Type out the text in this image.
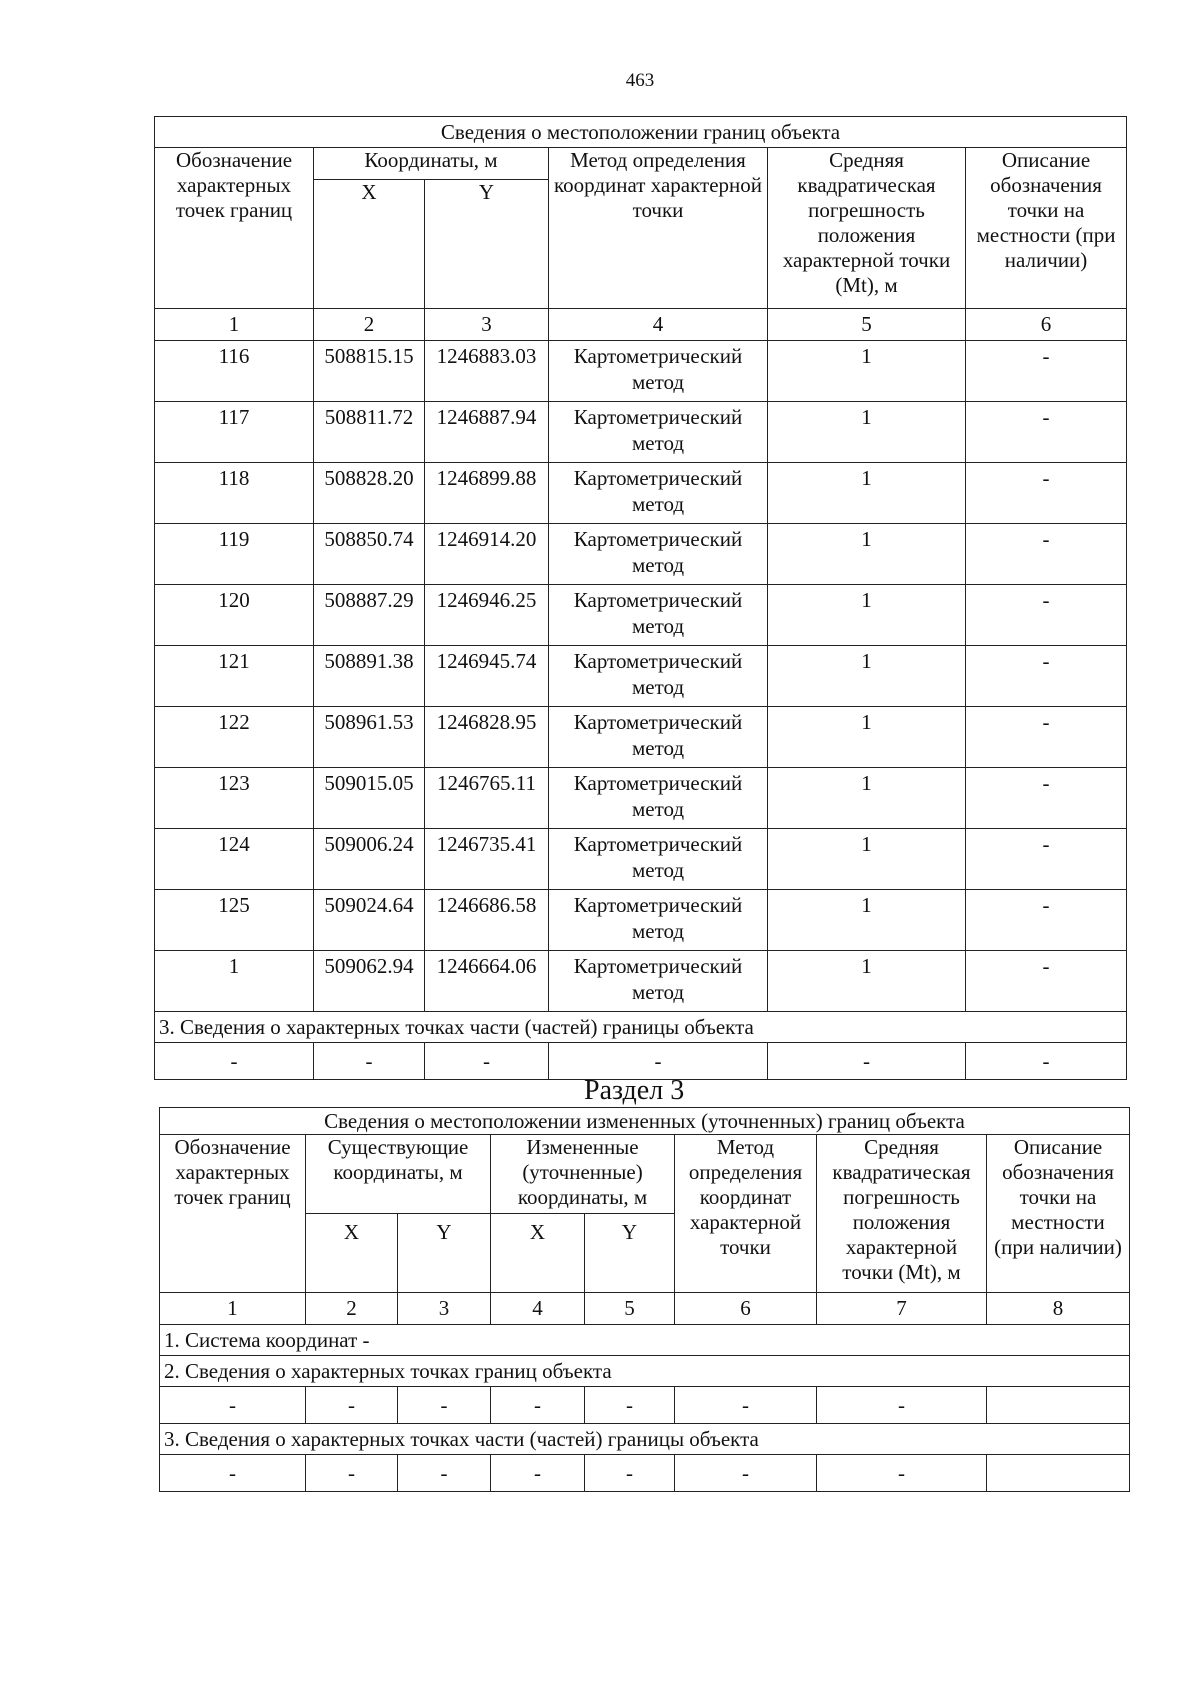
463
Сведения о местоположении границ объекта					
Обозначение характерных точек границ	Координаты, м		Метод определения координат характерной точки	Средняя квадратическая погрешность положения характерной точки (Mt), м	Описание обозначения точки на местности (при наличии)
	X	Y			
1	2	3	4	5	6
116	508815.15	1246883.03	Картометрический метод	1	-
117	508811.72	1246887.94	Картометрический метод	1	-
118	508828.20	1246899.88	Картометрический метод	1	-
119	508850.74	1246914.20	Картометрический метод	1	-
120	508887.29	1246946.25	Картометрический метод	1	-
121	508891.38	1246945.74	Картометрический метод	1	-
122	508961.53	1246828.95	Картометрический метод	1	-
123	509015.05	1246765.11	Картометрический метод	1	-
124	509006.24	1246735.41	Картометрический метод	1	-
125	509024.64	1246686.58	Картометрический метод	1	-
1	509062.94	1246664.06	Картометрический метод	1	-
3. Сведения о характерных точках части (частей) границы объекта					
-	-	-	-	-	-
Раздел 3
Сведения о местоположении измененных (уточненных) границ объекта							
Обозначение характерных точек границ	Существующие координаты, м		Измененные (уточненные) координаты, м		Метод определения координат характерной точки	Средняя квадратическая погрешность положения характерной точки (Mt), м	Описание обозначения точки на местности (при наличии)
	X	Y	X	Y			
1	2	3	4	5	6	7	8
1. Система координат -							
2. Сведения о характерных точках границ объекта							
-	-	-	-	-	-	-	
3. Сведения о характерных точках части (частей) границы объекта							
-	-	-	-	-	-	-	
